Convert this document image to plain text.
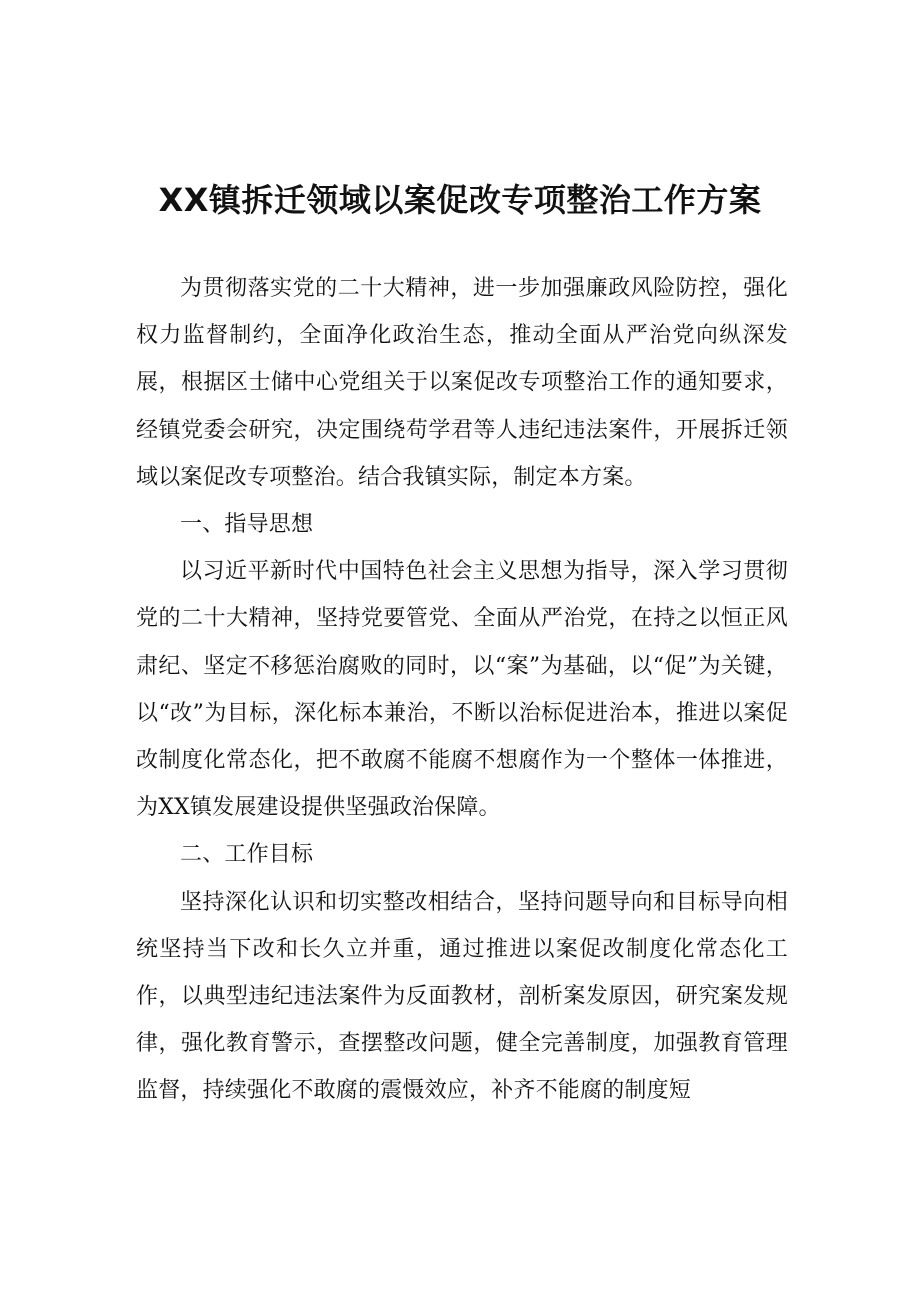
XX镇拆迁领域以案促改专项整治工作方案

为贯彻落实党的二十大精神，进一步加强廉政风险防控，强化权力监督制约，全面净化政治生态，推动全面从严治党向纵深发展，根据区士储中心党组关于以案促改专项整治工作的通知要求，经镇党委会研究，决定围绕苟学君等人违纪违法案件，开展拆迁领域以案促改专项整治。结合我镇实际，制定本方案。

一、指导思想

以习近平新时代中国特色社会主义思想为指导，深入学习贯彻党的二十大精神，坚持党要管党、全面从严治党，在持之以恒正风肃纪、坚定不移惩治腐败的同时，以“案”为基础，以“促”为关键，以“改”为目标，深化标本兼治，不断以治标促进治本，推进以案促改制度化常态化，把不敢腐不能腐不想腐作为一个整体一体推进，为XX镇发展建设提供坚强政治保障。

二、工作目标

坚持深化认识和切实整改相结合，坚持问题导向和目标导向相统坚持当下改和长久立并重，通过推进以案促改制度化常态化工作，以典型违纪违法案件为反面教材，剖析案发原因，研究案发规律，强化教育警示，查摆整改问题，健全完善制度，加强教育管理监督，持续强化不敢腐的震慑效应，补齐不能腐的制度短
